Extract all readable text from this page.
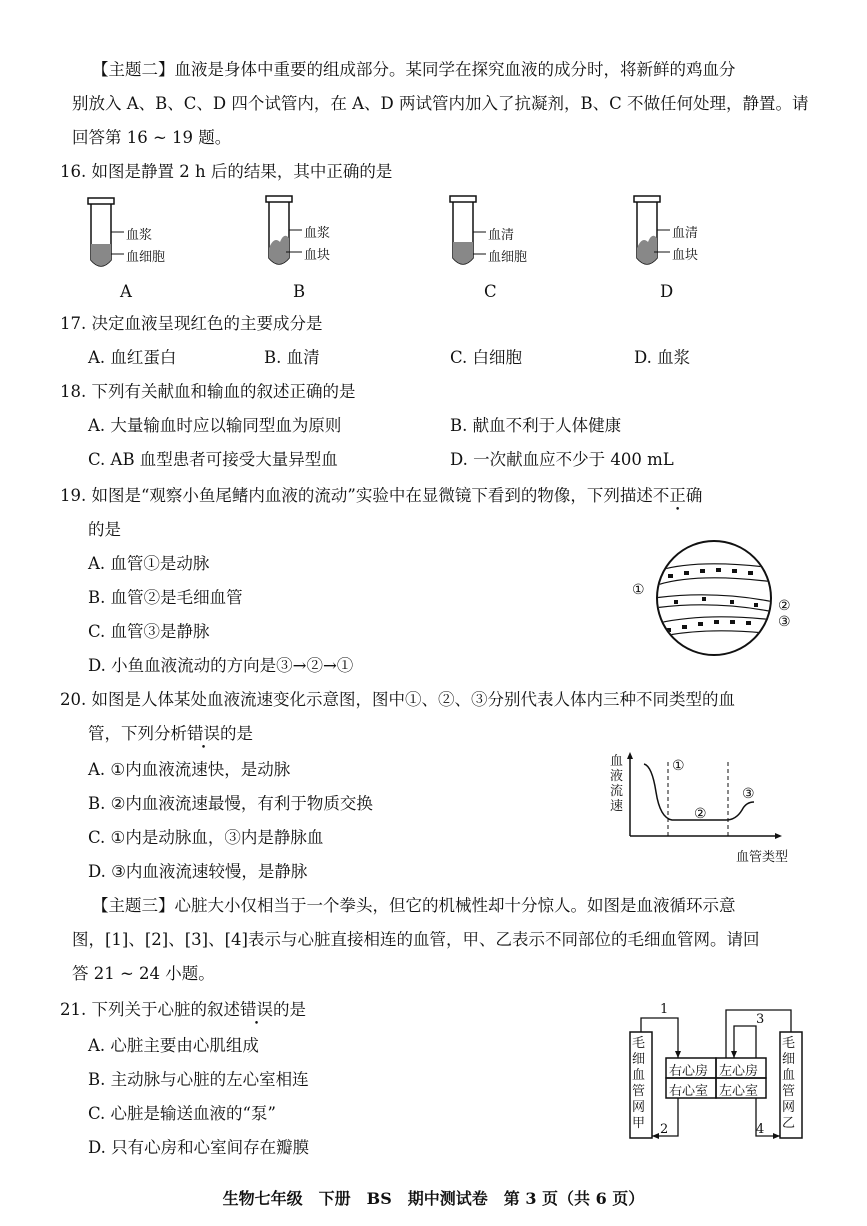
【主题二】血液是身体中重要的组成部分。某同学在探究血液的成分时，将新鲜的鸡血分
别放入 A、B、C、D 四个试管内，在 A、D 两试管内加入了抗凝剂，B、C 不做任何处理，静置。请
回答第 16 ~ 19 题。
16. 如图是静置 2 h 后的结果，其中正确的是
血浆
血细胞
血浆
血块
血清
血细胞
血清
血块
A	B	C	D
17. 决定血液呈现红色的主要成分是
A. 血红蛋白	B. 血清	C. 白细胞	D. 血浆
18. 下列有关献血和输血的叙述正确的是
A. 大量输血时应以输同型血为原则	B. 献血不利于人体健康
C. AB 血型患者可接受大量异型血	D. 一次献血应不少于 400 mL
19. 如图是“观察小鱼尾鳍内血液的流动”实验中在显微镜下看到的物像，下列描述不正确
的是
A. 血管①是动脉
B. 血管②是毛细血管
C. 血管③是静脉
D. 小鱼血液流动的方向是③→②→①
①
②
③
20. 如图是人体某处血液流速变化示意图，图中①、②、③分别代表人体内三种不同类型的血
管，下列分析错误的是
A. ①内血液流速快，是动脉
B. ②内血液流速最慢，有利于物质交换
C. ①内是动脉血，③内是静脉血
D. ③内血液流速较慢，是静脉
血液流速
①
②
③
血管类型
【主题三】心脏大小仅相当于一个拳头，但它的机械性却十分惊人。如图是血液循环示意
图，[1]、[2]、[3]、[4]表示与心脏直接相连的血管，甲、乙表示不同部位的毛细血管网。请回
答 21 ~ 24 小题。
21. 下列关于心脏的叙述错误的是
A. 心脏主要由心肌组成
B. 主动脉与心脏的左心室相连
C. 心脏是输送血液的“泵”
D. 只有心房和心室间存在瓣膜
毛细血管网甲
毛细血管网乙
右心房 左心房
右心室 左心室
1
2
3
4
生物七年级　下册　BS　期中测试卷　第 3 页（共 6 页）
